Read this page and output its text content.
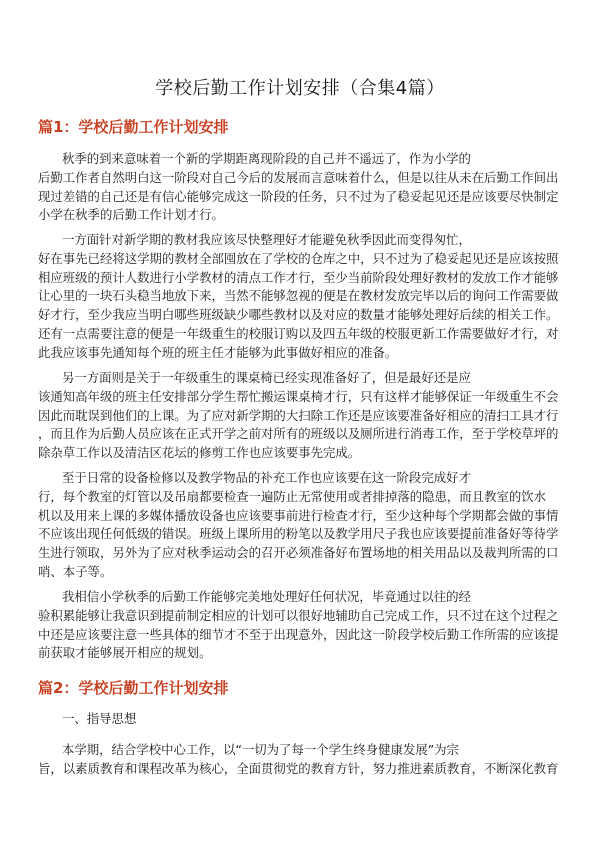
学校后勤工作计划安排（合集4篇）
篇1：学校后勤工作计划安排
秋季的到来意味着一个新的学期距离现阶段的自己并不遥远了，作为小学的
后勤工作者自然明白这一阶段对自己今后的发展而言意味着什么，但是以往从未在后勤工作间出
现过差错的自己还是有信心能够完成这一阶段的任务，只不过为了稳妥起见还是应该要尽快制定
小学在秋季的后勤工作计划才行。
一方面针对新学期的教材我应该尽快整理好才能避免秋季因此而变得匆忙，
好在事先已经将这学期的教材全部囤放在了学校的仓库之中，只不过为了稳妥起见还是应该按照
相应班级的预计人数进行小学教材的清点工作才行，至少当前阶段处理好教材的发放工作才能够
让心里的一块石头稳当地放下来，当然不能够忽视的便是在教材发放完毕以后的询问工作需要做
好才行，至少我应当明白哪些班级缺少哪些教材以及对应的数量才能够处理好后续的相关工作。
还有一点需要注意的便是一年级重生的校服订购以及四五年级的校服更新工作需要做好才行，对
此我应该事先通知每个班的班主任才能够为此事做好相应的准备。
另一方面则是关于一年级重生的课桌椅已经实现准备好了，但是最好还是应
该通知高年级的班主任安排部分学生帮忙搬运课桌椅才行，只有这样才能够保证一年级重生不会
因此而耽误到他们的上课。为了应对新学期的大扫除工作还是应该要准备好相应的清扫工具才行
，而且作为后勤人员应该在正式开学之前对所有的班级以及厕所进行消毒工作，至于学校草坪的
除杂草工作以及清洁区花坛的修剪工作也应该要事先完成。
至于日常的设备检修以及教学物品的补充工作也应该要在这一阶段完成好才
行，每个教室的灯管以及吊扇都要检查一遍防止无常使用或者排掉落的隐患，而且教室的饮水
机以及用来上课的多媒体播放设备也应该要事前进行检查才行，至少这种每个学期都会做的事情
不应该出现任何低级的错误。班级上课所用的粉笔以及教学用尺子我也应该要提前准备好等待学
生进行领取，另外为了应对秋季运动会的召开必须准备好布置场地的相关用品以及裁判所需的口
哨、本子等。
我相信小学秋季的后勤工作能够完美地处理好任何状况，毕竟通过以往的经
验积累能够让我意识到提前制定相应的计划可以很好地辅助自己完成工作，只不过在这个过程之
中还是应该要注意一些具体的细节才不至于出现意外，因此这一阶段学校后勤工作所需的应该提
前获取才能够展开相应的规划。
篇2：学校后勤工作计划安排
一、指导思想
本学期，结合学校中心工作，以“一切为了每一个学生终身健康发展”为宗
旨，以素质教育和课程改革为核心，全面贯彻党的教育方针，努力推进素质教育，不断深化教育
